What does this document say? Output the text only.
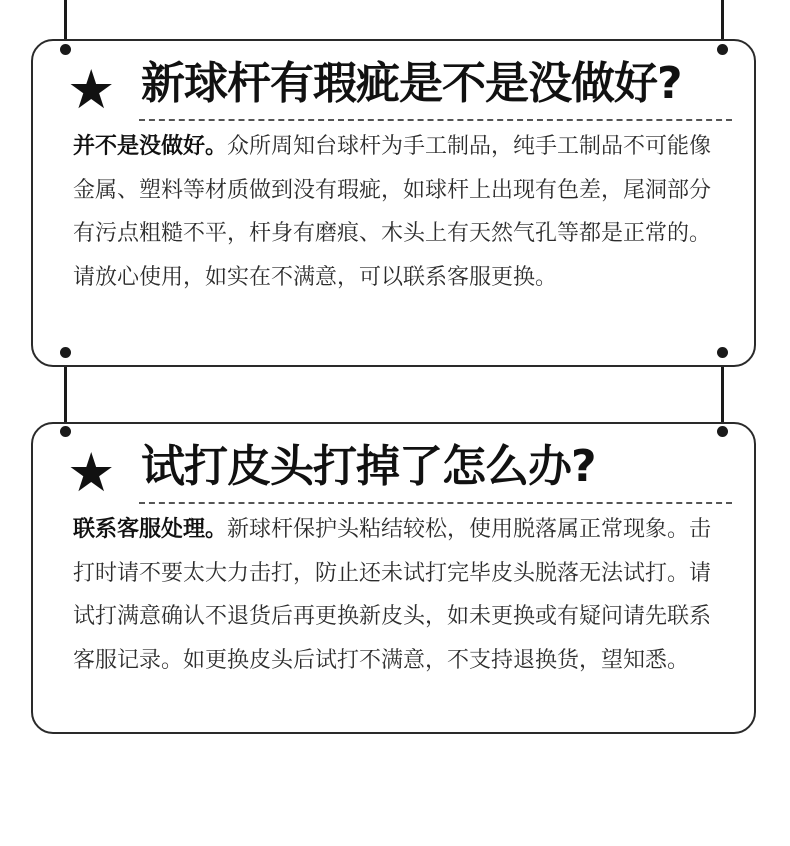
★ 新球杆有瑕疵是不是没做好?
并不是没做好。众所周知台球杆为手工制品，纯手工制品不可能像金属、塑料等材质做到没有瑕疵，如球杆上出现有色差，尾洞部分有污点粗糙不平，杆身有磨痕、木头上有天然气孔等都是正常的。请放心使用，如实在不满意，可以联系客服更换。
★ 试打皮头打掉了怎么办?
联系客服处理。新球杆保护头粘结较松，使用脱落属正常现象。击打时请不要太大力击打，防止还未试打完毕皮头脱落无法试打。请试打满意确认不退货后再更换新皮头，如未更换或有疑问请先联系客服记录。如更换皮头后试打不满意，不支持退换货，望知悉。
